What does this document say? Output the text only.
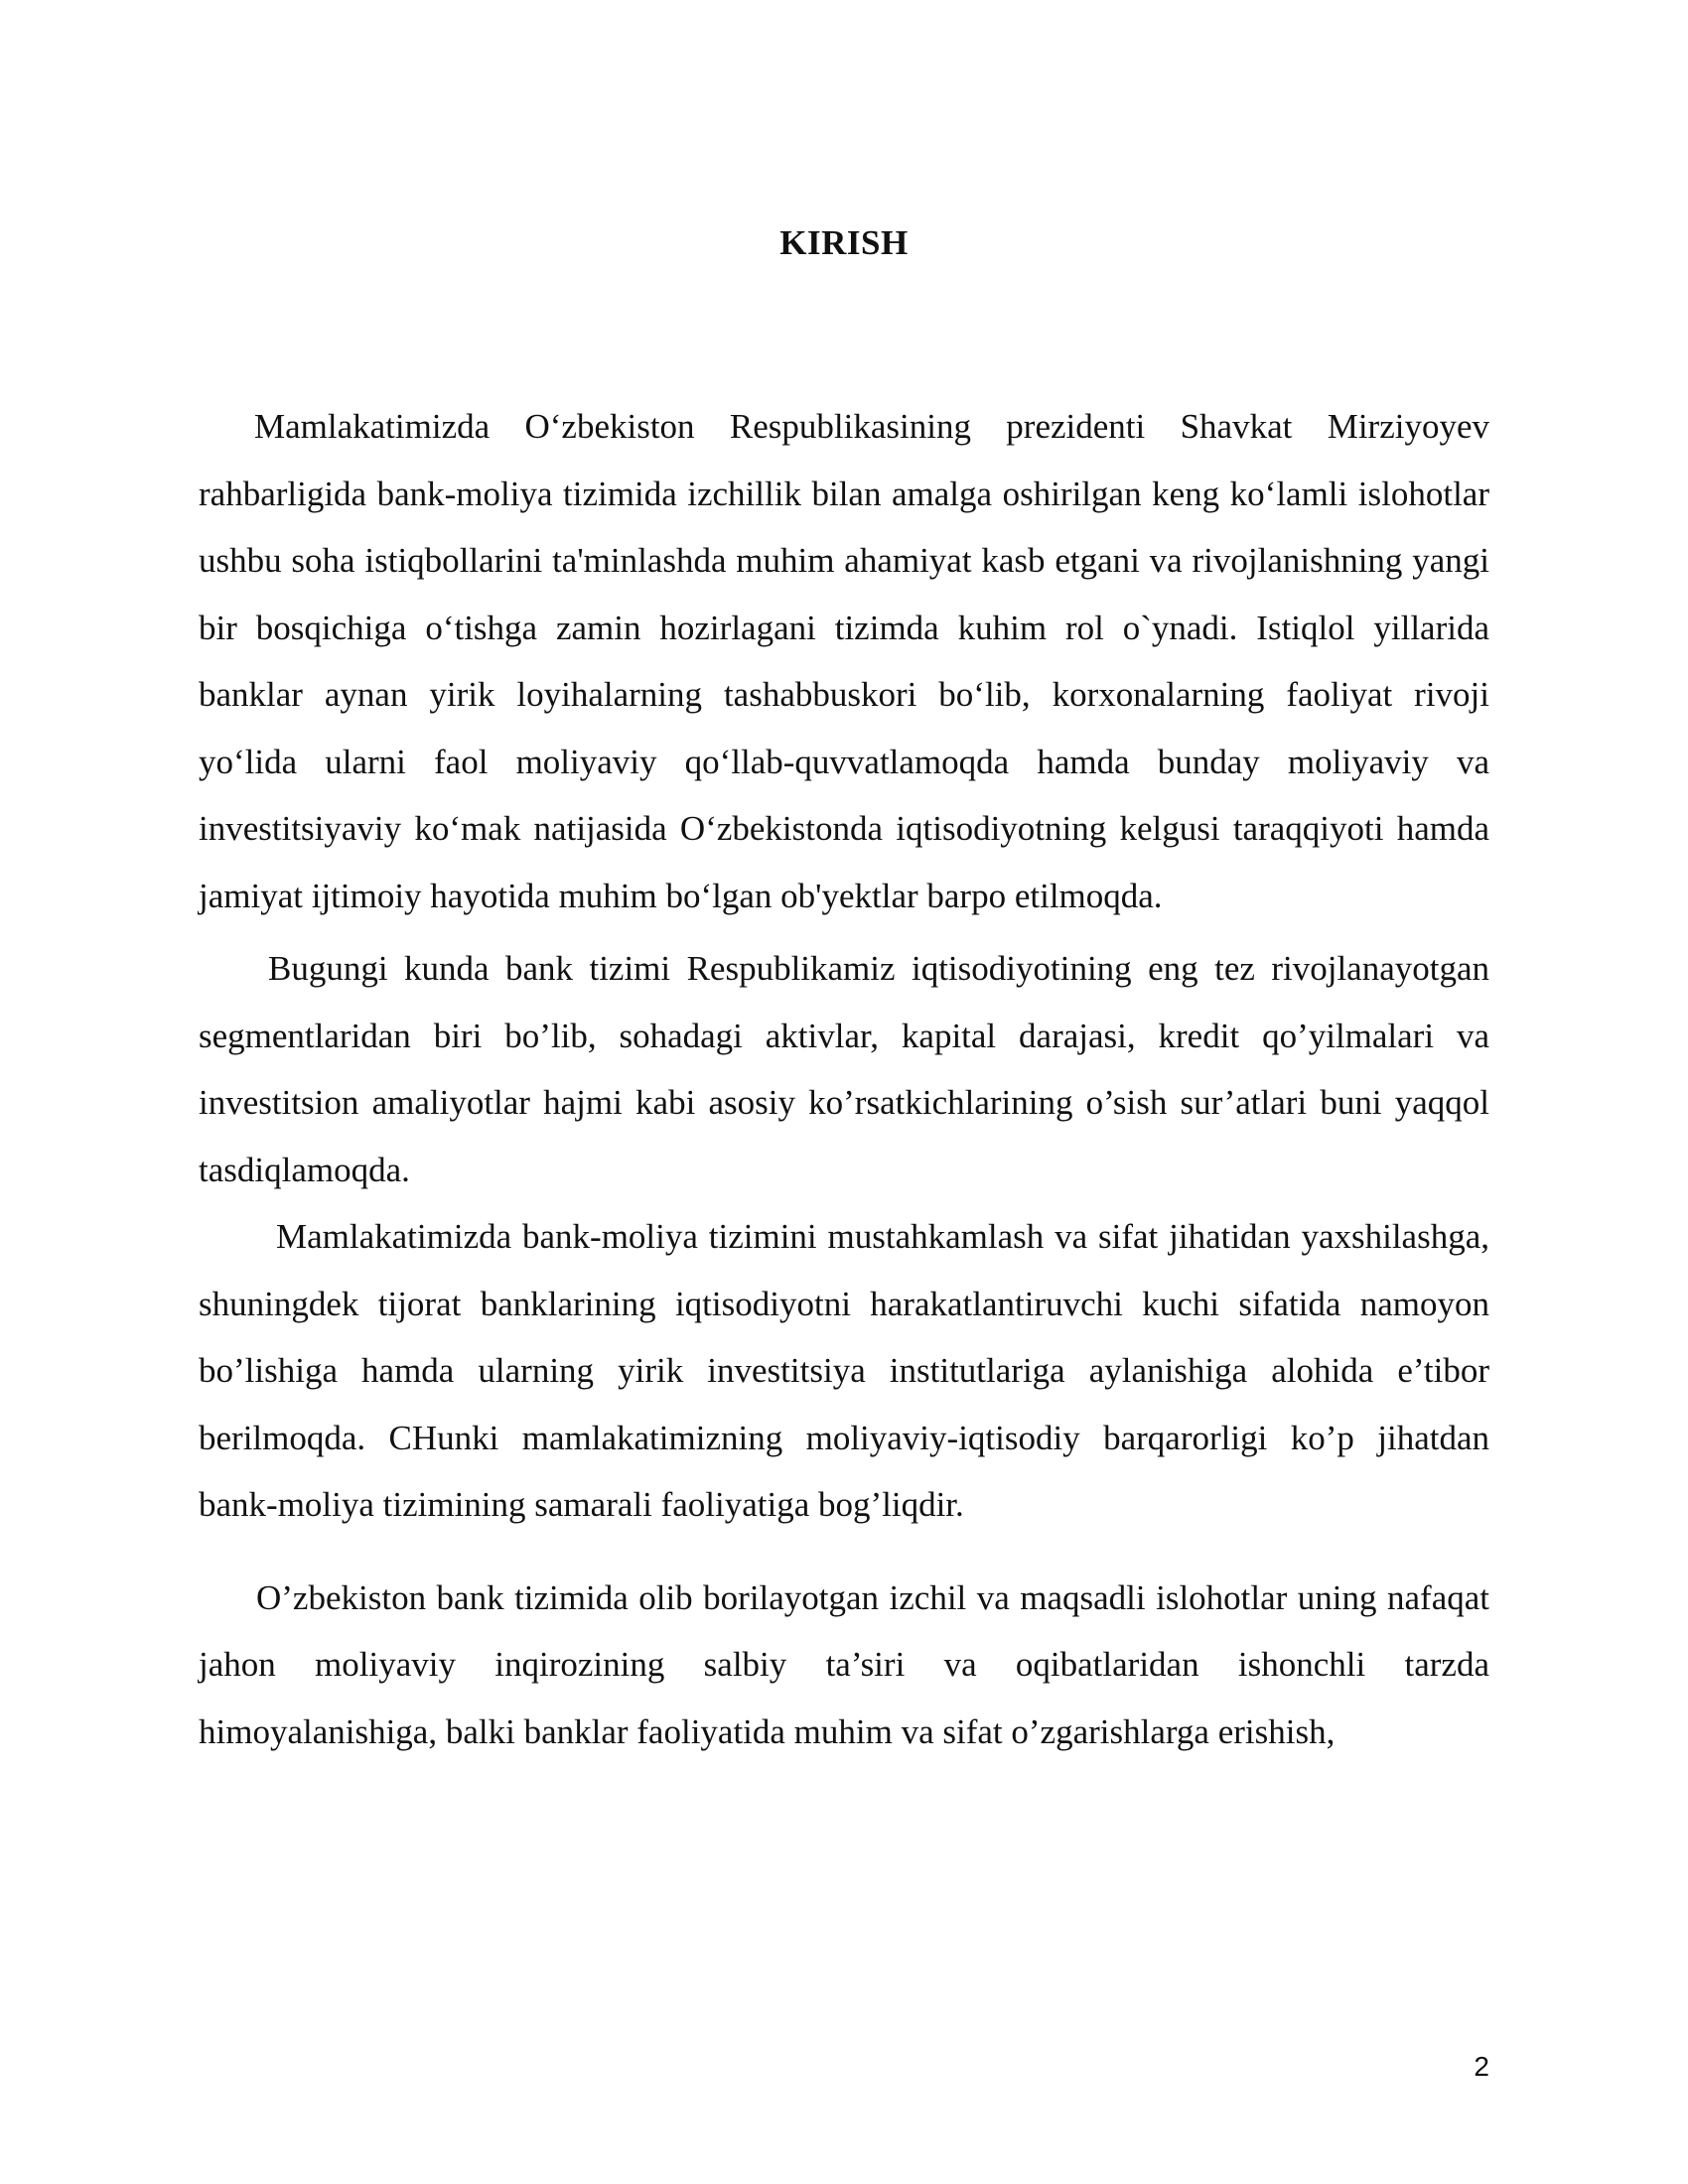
KIRISH

Mamlakatimizda O‘zbekiston Respublikasining prezidenti Shavkat Mirziyoyev rahbarligida bank-moliya tizimida izchillik bilan amalga oshirilgan keng ko‘lamli islohotlar ushbu soha istiqbollarini ta'minlashda muhim ahamiyat kasb etgani va rivojlanishning yangi bir bosqichiga o‘tishga zamin hozirlagani tizimda kuhim rol o`ynadi. Istiqlol yillarida banklar aynan yirik loyihalarning tashabbuskori bo‘lib, korxonalarning faoliyat rivoji yo‘lida ularni faol moliyaviy qo‘llab-quvvatlamoqda hamda bunday moliyaviy va investitsiyaviy ko‘mak natijasida O‘zbekistonda iqtisodiyotning kelgusi taraqqiyoti hamda jamiyat ijtimoiy hayotida muhim bo‘lgan ob'yektlar barpo etilmoqda.

Bugungi kunda bank tizimi Respublikamiz iqtisodiyotining eng tez rivojlanayotgan segmentlaridan biri bo’lib, sohadagi aktivlar, kapital darajasi, kredit qo’yilmalari va investitsion amaliyotlar hajmi kabi asosiy ko’rsatkichlarining o’sish sur’atlari buni yaqqol tasdiqlamoqda.

Mamlakatimizda bank-moliya tizimini mustahkamlash va sifat jihatidan yaxshilashga, shuningdek tijorat banklarining iqtisodiyotni harakatlantiruvchi kuchi sifatida namoyon bo’lishiga hamda ularning yirik investitsiya institutlariga aylanishiga alohida e’tibor berilmoqda. CHunki mamlakatimizning moliyaviy-iqtisodiy barqarorligi ko’p jihatdan bank-moliya tizimining samarali faoliyatiga bog’liqdir.

O’zbekiston bank tizimida olib borilayotgan izchil va maqsadli islohotlar uning nafaqat jahon moliyaviy inqirozining salbiy ta’siri va oqibatlaridan ishonchli tarzda himoyalanishiga, balki banklar faoliyatida muhim va sifat o’zgarishlarga erishish,

2
